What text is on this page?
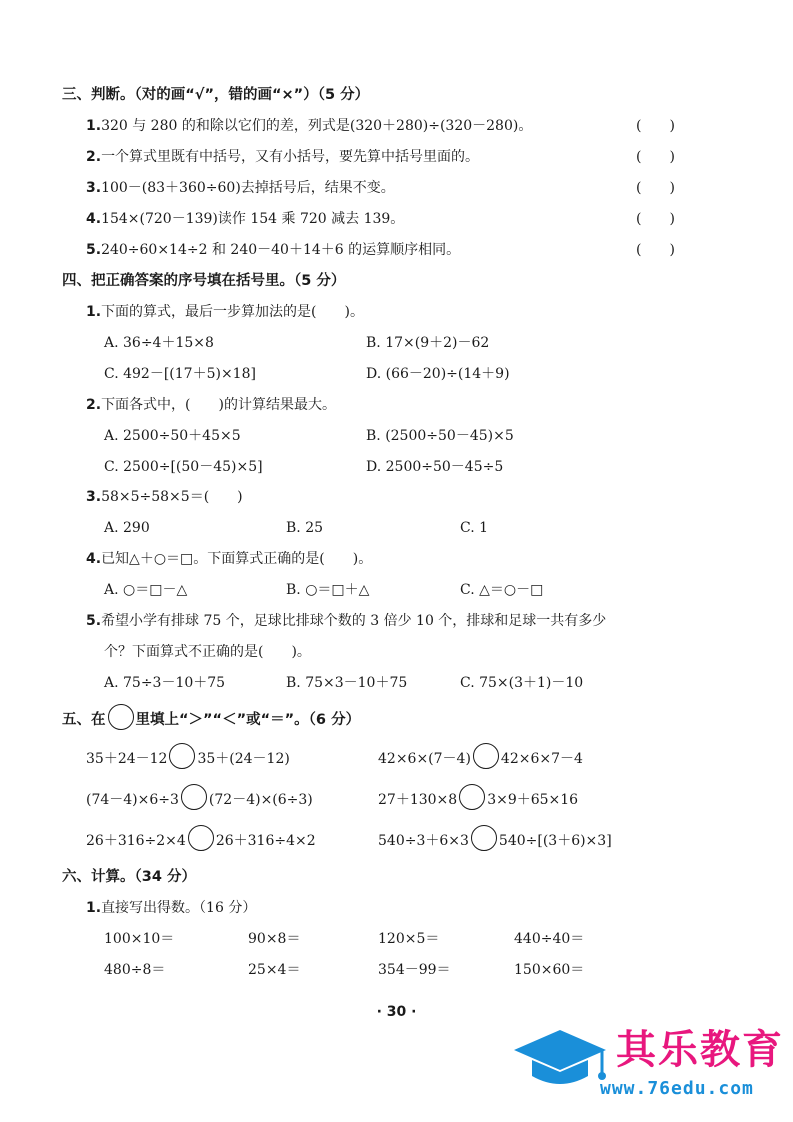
三、判断。（对的画“√”，错的画“×”）（5 分）
1.320 与 280 的和除以它们的差，列式是(320＋280)÷(320－280)。	(　　)
2.一个算式里既有中括号，又有小括号，要先算中括号里面的。	(　　)
3.100－(83＋360÷60)去掉括号后，结果不变。	(　　)
4.154×(720－139)读作 154 乘 720 减去 139。	(　　)
5.240÷60×14÷2 和 240－40＋14＋6 的运算顺序相同。	(　　)
四、把正确答案的序号填在括号里。（5 分）
1.下面的算式，最后一步算加法的是(　　)。
A. 36÷4＋15×8	B. 17×(9＋2)－62
C. 492－[(17＋5)×18]	D. (66－20)÷(14＋9)
2.下面各式中，(　　)的计算结果最大。
A. 2500÷50＋45×5	B. (2500÷50－45)×5
C. 2500÷[(50－45)×5]	D. 2500÷50－45÷5
3.58×5÷58×5＝(　　)
A. 290	B. 25	C. 1
4.已知△＋○＝□。下面算式正确的是(　　)。
A. ○＝□－△	B. ○＝□＋△	C. △＝○－□
5.希望小学有排球 75 个，足球比排球个数的 3 倍少 10 个，排球和足球一共有多少
个？下面算式不正确的是(　　)。
A. 75÷3－10＋75	B. 75×3－10＋75	C. 75×(3＋1)－10
五、在 里填上“＞”“＜”或“＝”。（6 分）
35＋24－12 35＋(24－12)	42×6×(7－4) 42×6×7－4
(74－4)×6÷3 (72－4)×(6÷3)	27＋130×8 3×9＋65×16
26＋316÷2×4 26＋316÷4×2	540÷3＋6×3 540÷[(3＋6)×3]
六、计算。（34 分）
1.直接写出得数。（16 分）
100×10＝	90×8＝	120×5＝	440÷40＝
480÷8＝	25×4＝	354－99＝	150×60＝
· 30 ·
其乐教育
www.76edu.com
